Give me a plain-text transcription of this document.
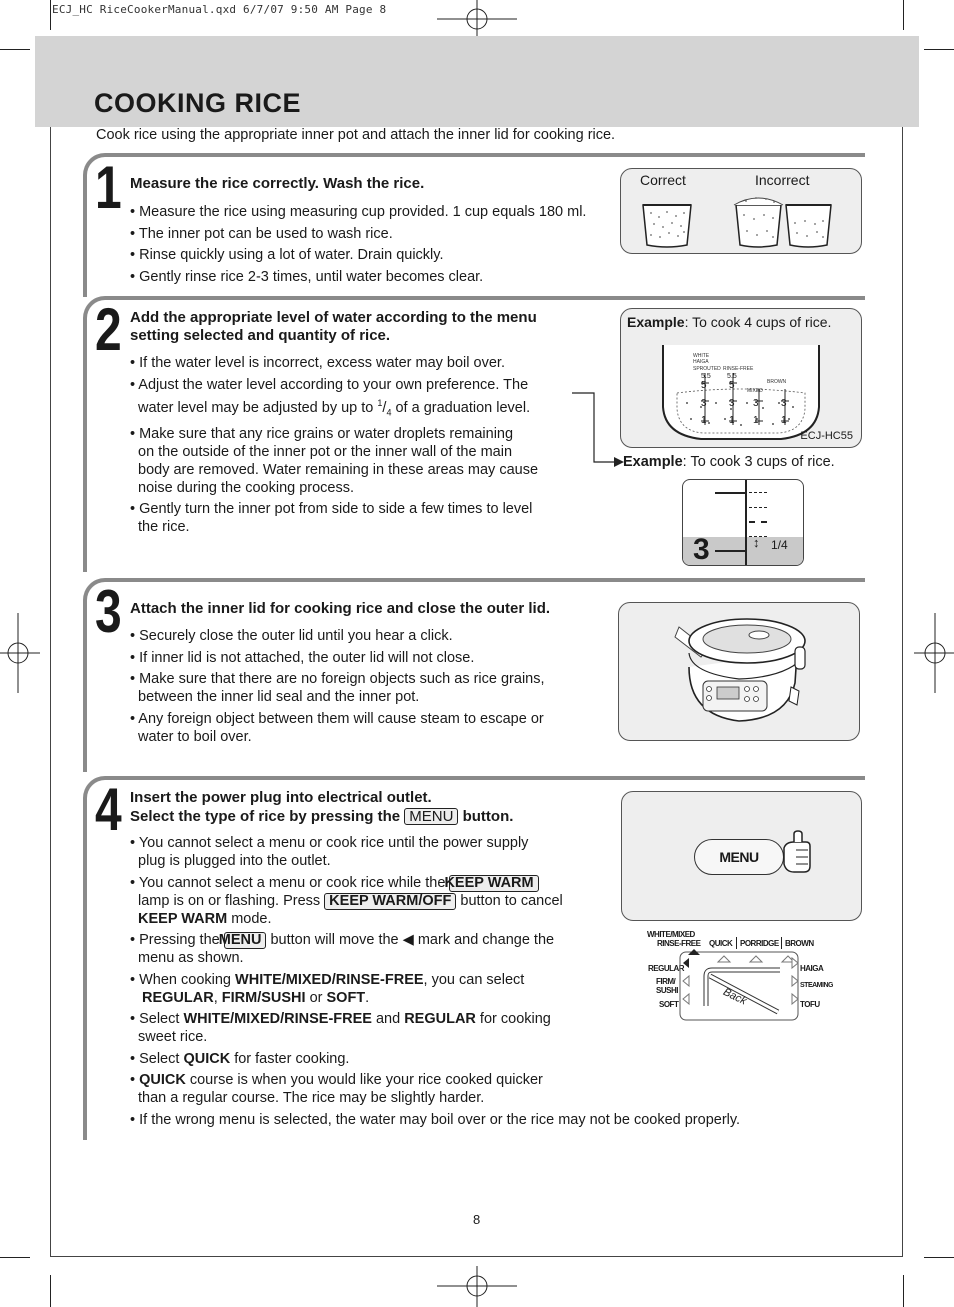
ECJ_HC RiceCookerManual.qxd 6/7/07 9:50 AM Page 8
COOKING RICE
Cook rice using the appropriate inner pot and attach the inner lid for cooking rice.
1 Measure the rice correctly. Wash the rice.

• Measure the rice using measuring cup provided. 1 cup equals 180 ml.

• The inner pot can be used to wash rice.

• Rinse quickly using a lot of water. Drain quickly.

• Gently rinse rice 2-3 times, until water becomes clear.

Correct	Incorrect
2 Add the appropriate level of water according to the menu
setting selected and quantity of rice.

• If the water level is incorrect, excess water may boil over.

• Adjust the water level according to your own preference. The

water level may be adjusted by up to $^1/_4$ of a graduation level.

• Make sure that any rice grains or water droplets remaining

on the outside of the inner pot or the inner wall of the main

body are removed. Water remaining in these areas may cause

noise during the cooking process.

• Gently turn the inner pot from side to side a few times to level

the rice.

Example: To cook 4 cups of rice.
WHITE
HAIGA
SPROUTED RINSE-FREE
MIXED
BROWN
5.5 5.5
5 5
3 3 3 3
1 1 1 1
ECJ-HC55
Example: To cook 3 cups of rice.
3	↕ 1/4
3 Attach the inner lid for cooking rice and close the outer lid.

• Securely close the outer lid until you hear a click.

• If inner lid is not attached, the outer lid will not close.

• Make sure that there are no foreign objects such as rice grains,

between the inner lid seal and the inner pot.

• Any foreign object between them will cause steam to escape or

water to boil over.

4 Insert the power plug into electrical outlet.
Select the type of rice by pressing the MENU button.

• You cannot select a menu or cook rice until the power supply

plug is plugged into the outlet.

• You cannot select a menu or cook rice while the KEEP WARM

lamp is on or flashing. Press KEEP WARM/OFF button to cancel

KEEP WARM mode.

• Pressing the MENU button will move the ◀ mark and change the

menu as shown.

• When cooking WHITE/MIXED/RINSE-FREE, you can select

REGULAR, FIRM/SUSHI or SOFT.

• Select WHITE/MIXED/RINSE-FREE and REGULAR for cooking

sweet rice.

• Select QUICK for faster cooking.

• QUICK course is when you would like your rice cooked quicker

than a regular course. The rice may be slightly harder.

• If the wrong menu is selected, the water may boil over or the rice may not be cooked properly.

MENU
WHITE/MIXED
RINSE-FREE QUICK PORRIDGE BROWN
REGULAR
FIRM/
SUSHI
SOFT
HAIGA
STEAMING
TOFU
Back
8
